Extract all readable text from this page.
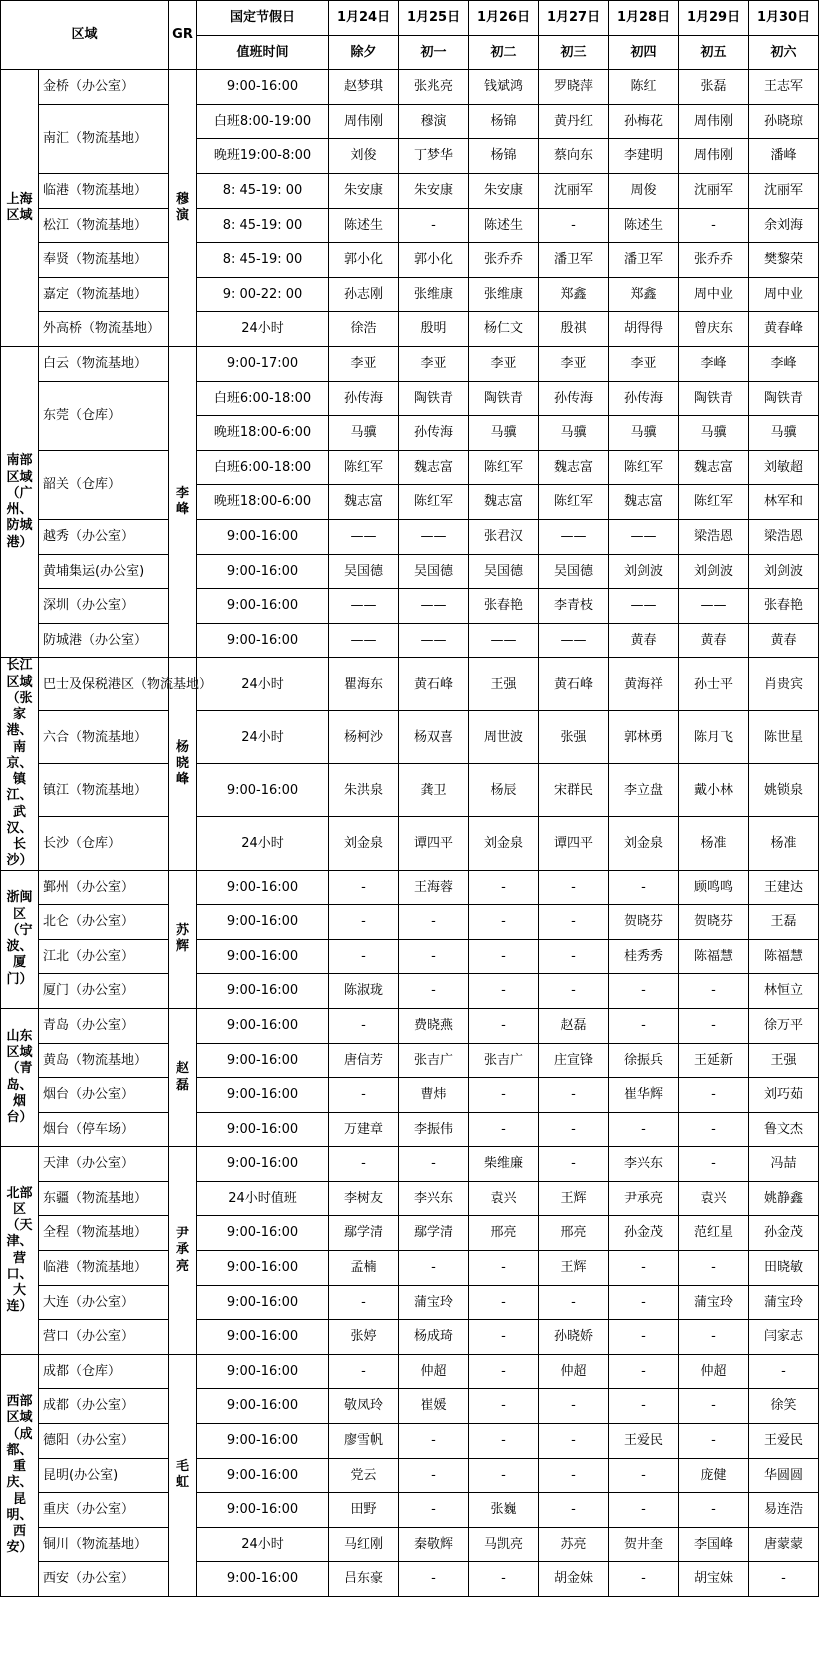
区域		GR	国定节假日	1月24日	1月25日	1月26日	1月27日	1月28日	1月29日	1月30日
			值班时间	除夕	初一	初二	初三	初四	初五	初六
上海区域	金桥（办公室）	穆演	9:00-16:00	赵梦琪	张兆亮	钱斌鸿	罗晓萍	陈红	张磊	王志军
	南汇（物流基地）		白班8:00-19:00	周伟刚	穆演	杨锦	黄丹红	孙梅花	周伟刚	孙晓琼
			晚班19:00-8:00	刘俊	丁梦华	杨锦	蔡向东	李建明	周伟刚	潘峰
	临港（物流基地）		8: 45-19: 00	朱安康	朱安康	朱安康	沈丽军	周俊	沈丽军	沈丽军
	松江（物流基地）		8: 45-19: 00	陈述生	-	陈述生	-	陈述生	-	余刘海
	奉贤（物流基地）		8: 45-19: 00	郭小化	郭小化	张乔乔	潘卫军	潘卫军	张乔乔	樊黎荣
	嘉定（物流基地）		9: 00-22: 00	孙志刚	张维康	张维康	郑鑫	郑鑫	周中业	周中业
	外高桥（物流基地）		24小时	徐浩	殷明	杨仁文	殷祺	胡得得	曾庆东	黄春峰
南部区域（广州、防城港）	白云（物流基地）	李峰	9:00-17:00	李亚	李亚	李亚	李亚	李亚	李峰	李峰
	东莞（仓库）		白班6:00-18:00	孙传海	陶铁青	陶铁青	孙传海	孙传海	陶铁青	陶铁青
			晚班18:00-6:00	马骥	孙传海	马骥	马骥	马骥	马骥	马骥
	韶关（仓库）		白班6:00-18:00	陈红军	魏志富	陈红军	魏志富	陈红军	魏志富	刘敏超
			晚班18:00-6:00	魏志富	陈红军	魏志富	陈红军	魏志富	陈红军	林军和
	越秀（办公室）		9:00-16:00	——	——	张君汉	——	——	梁浩恩	梁浩恩
	黄埔集运(办公室)		9:00-16:00	吴国德	吴国德	吴国德	吴国德	刘剑波	刘剑波	刘剑波
	深圳（办公室）		9:00-16:00	——	——	张春艳	李青枝	——	——	张春艳
	防城港（办公室）		9:00-16:00	——	——	——	——	黄春	黄春	黄春
长江区域（张家港、南京、镇江、武汉、长沙）	巴士及保税港区（物流基地）	杨晓峰	24小时	瞿海东	黄石峰	王强	黄石峰	黄海祥	孙士平	肖贵宾
	六合（物流基地）		24小时	杨柯沙	杨双喜	周世波	张强	郭林勇	陈月飞	陈世星
	镇江（物流基地）		9:00-16:00	朱洪泉	龚卫	杨辰	宋群民	李立盘	戴小林	姚锁泉
	长沙（仓库）		24小时	刘金泉	谭四平	刘金泉	谭四平	刘金泉	杨准	杨准
浙闽区（宁波、厦门）	鄞州（办公室）	苏辉	9:00-16:00	-	王海蓉	-	-	-	顾鸣鸣	王建达
	北仑（办公室）		9:00-16:00	-	-	-	-	贺晓芬	贺晓芬	王磊
	江北（办公室）		9:00-16:00	-	-	-	-	桂秀秀	陈福慧	陈福慧
	厦门（办公室）		9:00-16:00	陈淑珑	-	-	-	-	-	林恒立
山东区域（青岛、烟台）	青岛（办公室）	赵磊	9:00-16:00	-	费晓燕	-	赵磊	-	-	徐万平
	黄岛（物流基地）		9:00-16:00	唐信芳	张吉广	张吉广	庄宣锋	徐振兵	王延新	王强
	烟台（办公室）		9:00-16:00	-	曹炜	-	-	崔华辉	-	刘巧茹
	烟台（停车场）		9:00-16:00	万建章	李振伟	-	-	-	-	鲁文杰
北部区（天津、营口、大连）	天津（办公室）	尹承亮	9:00-16:00	-	-	柴维廉	-	李兴东	-	冯喆
	东疆（物流基地）		24小时值班	李树友	李兴东	袁兴	王辉	尹承亮	袁兴	姚静鑫
	全程（物流基地）		9:00-16:00	鄢学清	鄢学清	邢亮	邢亮	孙金茂	范红星	孙金茂
	临港（物流基地）		9:00-16:00	孟楠	-	-	王辉	-	-	田晓敏
	大连（办公室）		9:00-16:00	-	蒲宝玲	-	-	-	蒲宝玲	蒲宝玲
	营口（办公室）		9:00-16:00	张婷	杨成琦	-	孙晓娇	-	-	闫家志
西部区域（成都、重庆、昆明、西安）	成都（仓库）	毛虹	9:00-16:00	-	仲超	-	仲超	-	仲超	-
	成都（办公室）		9:00-16:00	敬凤玲	崔媛	-	-	-	-	徐笑
	德阳（办公室）		9:00-16:00	廖雪帆	-	-	-	王爱民	-	王爱民
	昆明(办公室)		9:00-16:00	党云	-	-	-	-	庞健	华圆圆
	重庆（办公室）		9:00-16:00	田野	-	张巍	-	-	-	易连浩
	铜川（物流基地）		24小时	马红刚	秦敬辉	马凯亮	苏亮	贺井奎	李国峰	唐蒙蒙
	西安（办公室）		9:00-16:00	吕东豪	-	-	胡金妹	-	胡宝妹	-
